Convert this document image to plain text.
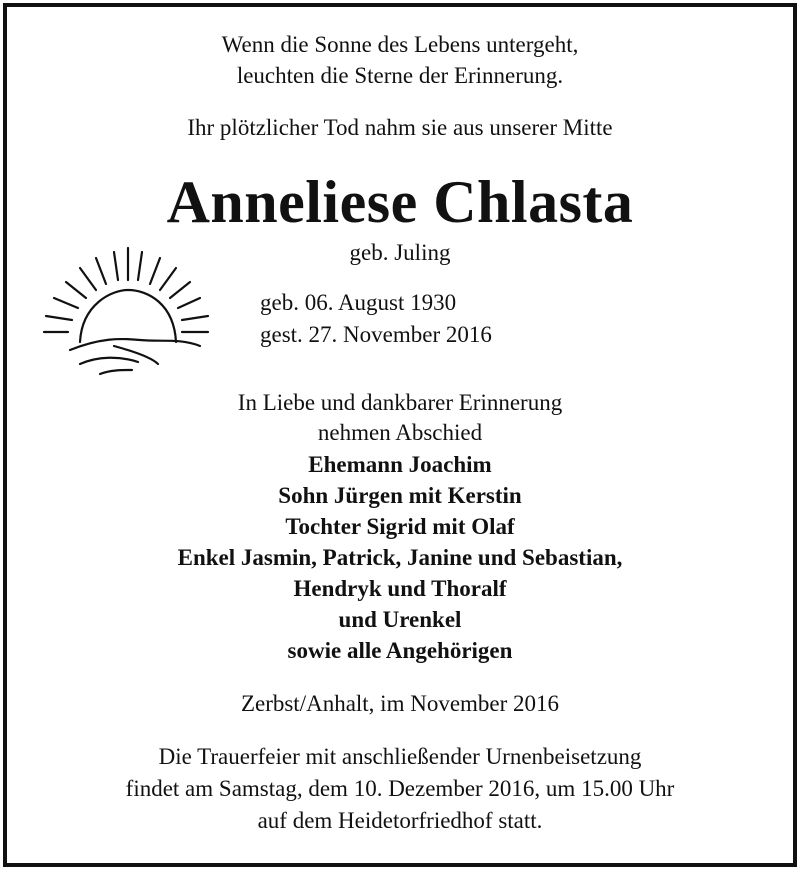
Wenn die Sonne des Lebens untergeht,

leuchten die Sterne der Erinnerung.

Ihr plötzlicher Tod nahm sie aus unserer Mitte

Anneliese Chlasta

geb. Juling

geb. 06. August 1930

gest. 27. November 2016

In Liebe und dankbarer Erinnerung

nehmen Abschied

Ehemann Joachim

Sohn Jürgen mit Kerstin

Tochter Sigrid mit Olaf

Enkel Jasmin, Patrick, Janine und Sebastian,

Hendryk und Thoralf

und Urenkel

sowie alle Angehörigen

Zerbst/Anhalt, im November 2016

Die Trauerfeier mit anschließender Urnenbeisetzung

findet am Samstag, dem 10. Dezember 2016, um 15.00 Uhr

auf dem Heidetorfriedhof statt.
